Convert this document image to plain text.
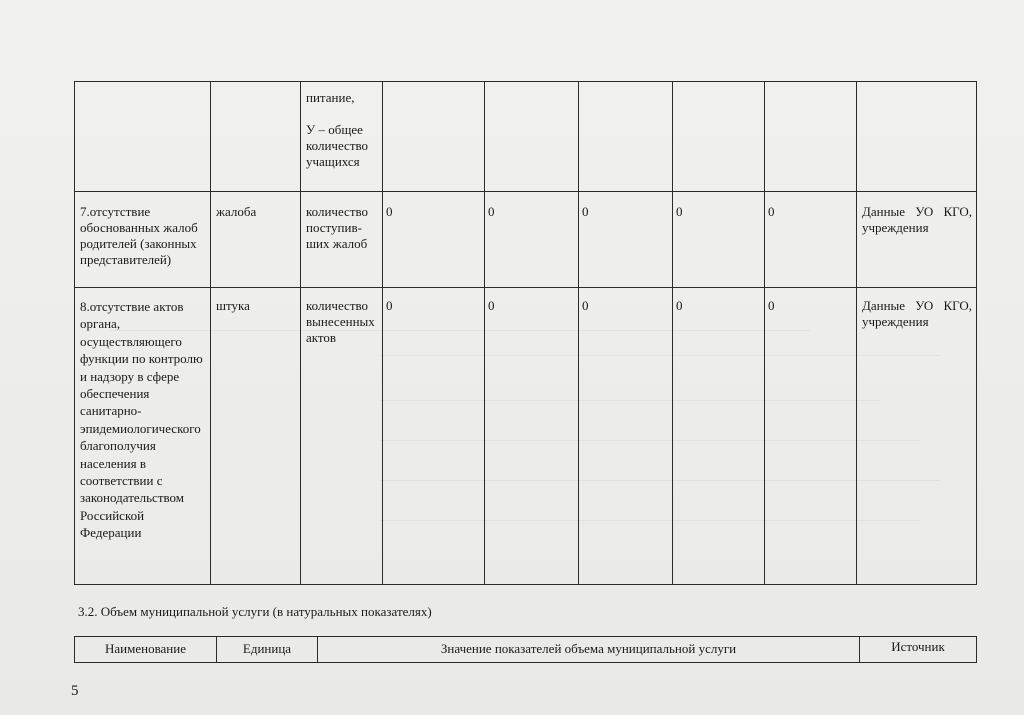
		питание,
У – общее количество учащихся						

7.отсутствие обоснованных жалоб родителей (законных представителей)	жалоба	количество поступив-ших жалоб	0	0	0	0	0	Данные УО КГО, учреждения
8.отсутствие актов органа, осуществляющего функции по контролю и надзору в сфере обеспечения санитарно-эпидемиологического благополучия населения в соответствии с законодательством Российской Федерации	штука	количество вынесенных актов	0	0	0	0	0	Данные УО КГО, учреждения
3.2. Объем муниципальной услуги (в натуральных показателях)
Наименование	Единица	Значение показателей объема муниципальной услуги	Источник
5
